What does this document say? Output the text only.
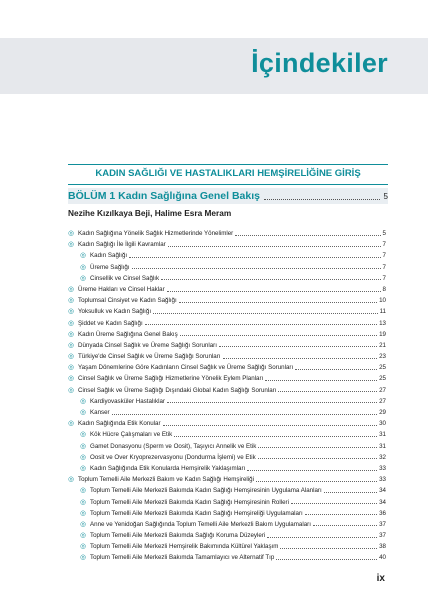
İçindekiler
KADIN SAĞLIĞI VE HASTALIKLARI HEMŞİRELİĞİNE GİRİŞ
BÖLÜM 1 Kadın Sağlığına Genel Bakış	5
Nezihe Kızılkaya Beji, Halime Esra Meram
◎ Kadın Sağlığına Yönelik Sağlık Hizmetlerinde Yönelimler	5
◎ Kadın Sağlığı İle İlgili Kavramlar	7
◎ Kadın Sağlığı	7
◎ Üreme Sağlığı	7
◎ Cinsellik ve Cinsel Sağlık	7
◎ Üreme Hakları ve Cinsel Haklar	8
◎ Toplumsal Cinsiyet ve Kadın Sağlığı	10
◎ Yoksulluk ve Kadın Sağlığı	11
◎ Şiddet ve Kadın Sağlığı	13
◎ Kadın Üreme Sağlığına Genel Bakış	19
◎ Dünyada Cinsel Sağlık ve Üreme Sağlığı Sorunları	21
◎ Türkiye'de Cinsel Sağlık ve Üreme Sağlığı Sorunları	23
◎ Yaşam Dönemlerine Göre Kadınların Cinsel Sağlık ve Üreme Sağlığı Sorunları	25
◎ Cinsel Sağlık ve Üreme Sağlığı Hizmetlerine Yönelik Eylem Planları	25
◎ Cinsel Sağlık ve Üreme Sağlığı Dışındaki Global Kadın Sağlığı Sorunları	27
◎ Kardiyovasküler Hastalıklar	27
◎ Kanser	29
◎ Kadın Sağlığında Etik Konular	30
◎ Kök Hücre Çalışmaları ve Etik	31
◎ Gamet Donasyonu (Sperm ve Oosit), Taşıyıcı Annelik ve Etik	31
◎ Oosit ve Over Kryoprezervasyonu (Dondurma İşlemi) ve Etik	32
◎ Kadın Sağlığında Etik Konularda Hemşirelik Yaklaşımları	33
◎ Toplum Temelli Aile Merkezli Bakım ve Kadın Sağlığı Hemşireliği	33
◎ Toplum Temelli Aile Merkezli Bakımda Kadın Sağlığı Hemşiresinin Uygulama Alanları	34
◎ Toplum Temelli Aile Merkezli Bakımda Kadın Sağlığı Hemşiresinin Rolleri	34
◎ Toplum Temelli Aile Merkezli Bakımda Kadın Sağlığı Hemşireliği Uygulamaları	36
◎ Anne ve Yenidoğan Sağlığında Toplum Temelli Aile Merkezli Bakım Uygulamaları	37
◎ Toplum Temelli Aile Merkezli Bakımda Sağlığı Koruma Düzeyleri	37
◎ Toplum Temelli Aile Merkezli Hemşirelik Bakımında Kültürel Yaklaşım	38
◎ Toplum Temelli Aile Merkezli Bakımda Tamamlayıcı ve Alternatif Tıp	40
ix
